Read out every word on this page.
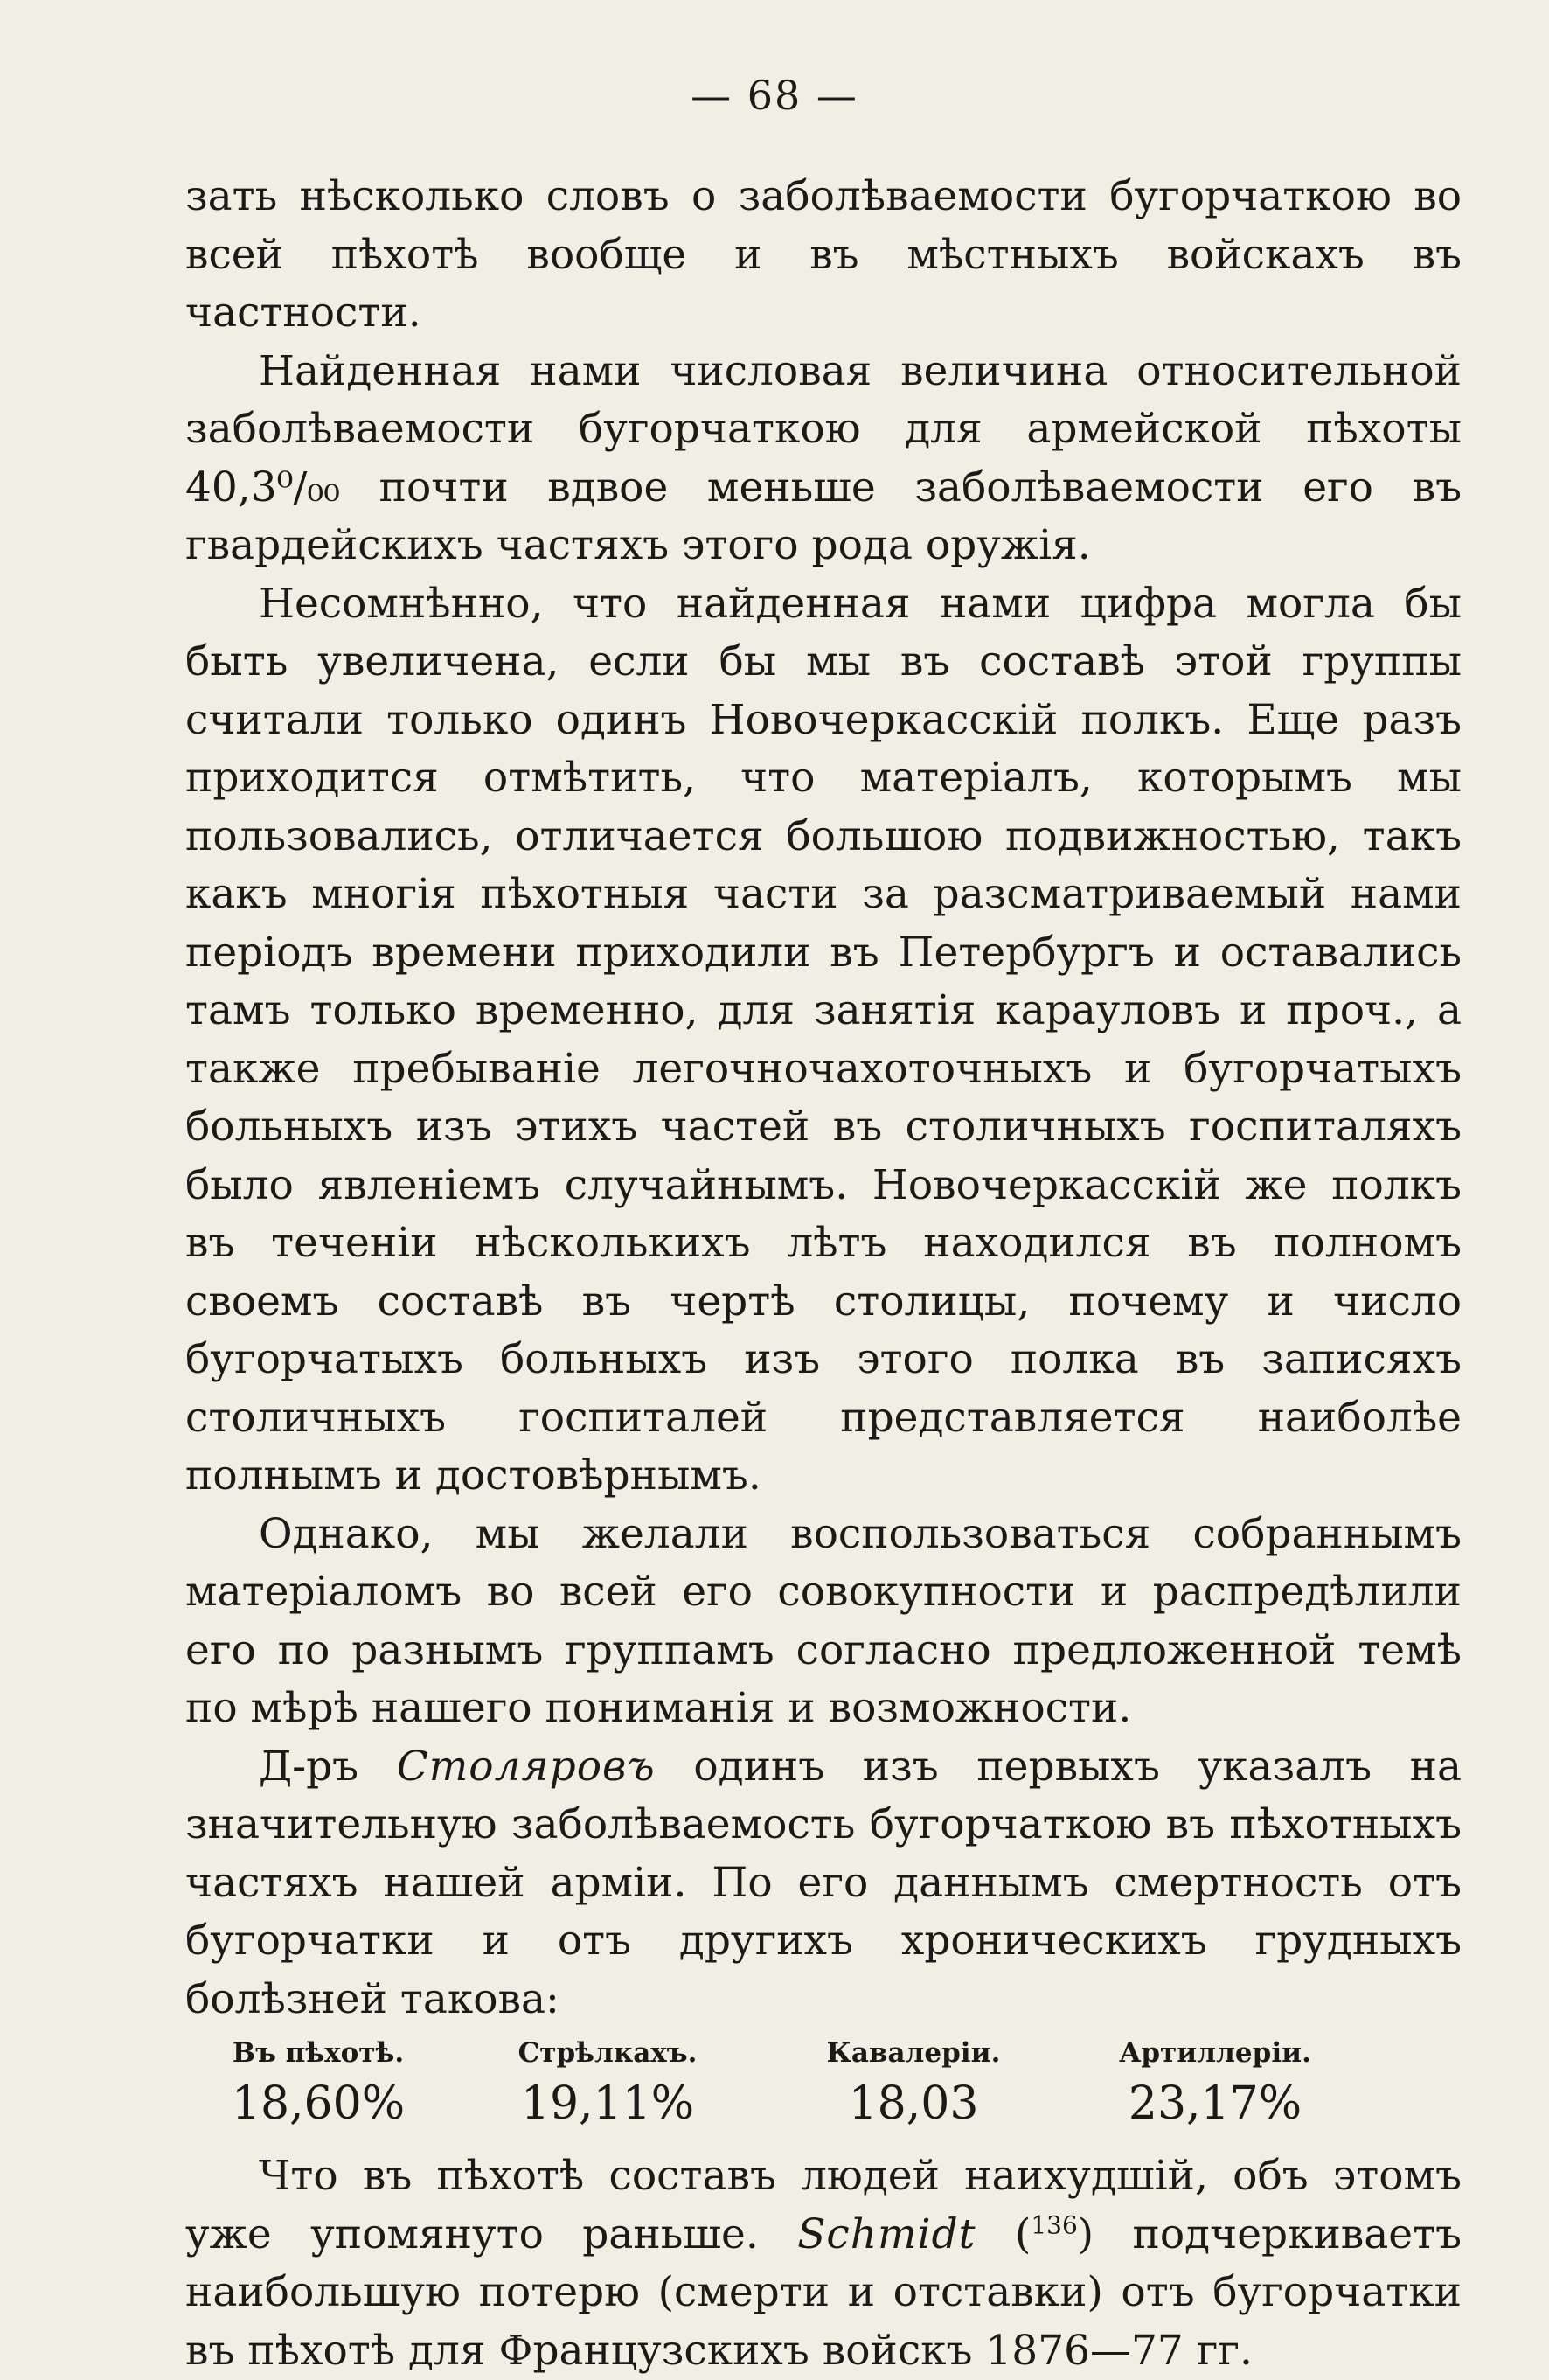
— 68 —

зать нѣсколько словъ о заболѣваемости бугорчаткою во всей пѣхотѣ вообще и въ мѣстныхъ войскахъ въ частности.

Найденная нами числовая величина относительной заболѣваемости бугорчаткою для армейской пѣхоты 40,3⁰/₀₀ почти вдвое меньше заболѣваемости его въ гвардейскихъ частяхъ этого рода оружія.

Несомнѣнно, что найденная нами цифра могла бы быть увеличена, если бы мы въ составѣ этой группы считали только одинъ Новочеркасскій полкъ. Еще разъ приходится отмѣтить, что матеріалъ, которымъ мы пользовались, отличается большою подвижностью, такъ какъ многія пѣхотныя части за разсматриваемый нами періодъ времени приходили въ Петербургъ и оставались тамъ только временно, для занятія карауловъ и проч., а также пребываніе легочночахоточныхъ и бугорчатыхъ больныхъ изъ этихъ частей въ столичныхъ госпиталяхъ было явленіемъ случайнымъ. Новочеркасскій же полкъ въ теченіи нѣсколькихъ лѣтъ находился въ полномъ своемъ составѣ въ чертѣ столицы, почему и число бугорчатыхъ больныхъ изъ этого полка въ записяхъ столичныхъ госпиталей представляется наиболѣе полнымъ и достовѣрнымъ.

Однако, мы желали воспользоваться собраннымъ матеріаломъ во всей его совокупности и распредѣлили его по разнымъ группамъ согласно предложенной темѣ по мѣрѣ нашего пониманія и возможности.

Д-ръ Столяровъ одинъ изъ первыхъ указалъ на значительную заболѣваемость бугорчаткою въ пѣхотныхъ частяхъ нашей арміи. По его даннымъ смертность отъ бугорчатки и отъ другихъ хроническихъ грудныхъ болѣзней такова:

Въ пѣхотѣ.
18,60%
Стрѣлкахъ.
19,11%
Кавалеріи.
18,03
Артиллеріи.
23,17%

Что въ пѣхотѣ составъ людей наихудшій, объ этомъ уже упомянуто раньше. Schmidt ($^{136}$) подчеркиваетъ наибольшую потерю (смерти и отставки) отъ бугорчатки въ пѣхотѣ для Французскихъ войскъ 1876—77 гг.
